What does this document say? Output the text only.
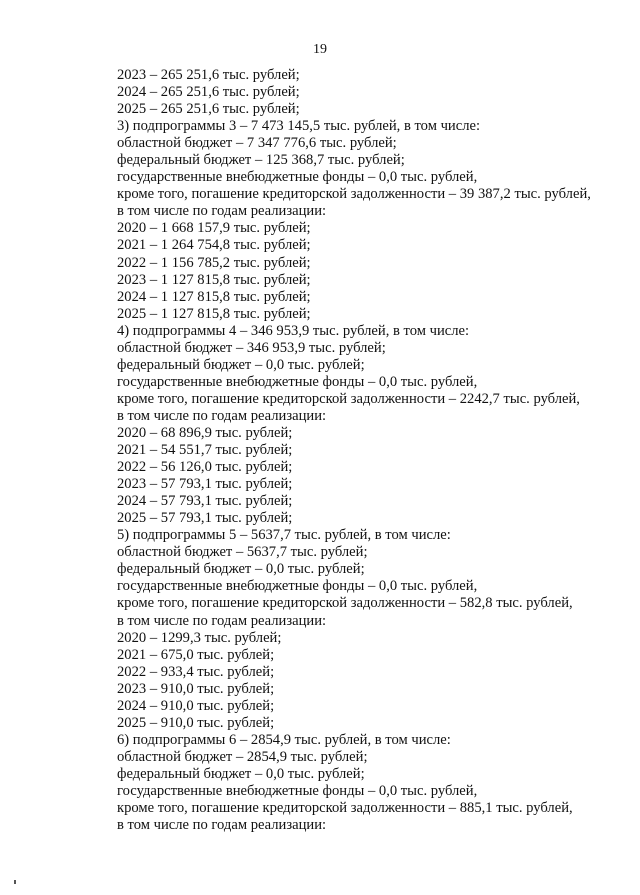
19
2023 – 265 251,6 тыс. рублей;
2024 – 265 251,6 тыс. рублей;
2025 – 265 251,6 тыс. рублей;
3) подпрограммы 3 – 7 473 145,5 тыс. рублей, в том числе:
областной бюджет – 7 347 776,6 тыс. рублей;
федеральный бюджет – 125 368,7 тыс. рублей;
государственные внебюджетные фонды – 0,0 тыс. рублей,
кроме того, погашение кредиторской задолженности – 39 387,2 тыс. рублей,
в том числе по годам реализации:
2020 – 1 668 157,9 тыс. рублей;
2021 – 1 264 754,8 тыс. рублей;
2022 – 1 156 785,2 тыс. рублей;
2023 – 1 127 815,8 тыс. рублей;
2024 – 1 127 815,8 тыс. рублей;
2025 – 1 127 815,8 тыс. рублей;
4) подпрограммы 4 – 346 953,9 тыс. рублей, в том числе:
областной бюджет – 346 953,9 тыс. рублей;
федеральный бюджет – 0,0 тыс. рублей;
государственные внебюджетные фонды – 0,0 тыс. рублей,
кроме того, погашение кредиторской задолженности – 2242,7 тыс. рублей,
в том числе по годам реализации:
2020 – 68 896,9 тыс. рублей;
2021 – 54 551,7 тыс. рублей;
2022 – 56 126,0 тыс. рублей;
2023 – 57 793,1 тыс. рублей;
2024 – 57 793,1 тыс. рублей;
2025 – 57 793,1 тыс. рублей;
5) подпрограммы 5 – 5637,7 тыс. рублей, в том числе:
областной бюджет – 5637,7 тыс. рублей;
федеральный бюджет – 0,0 тыс. рублей;
государственные внебюджетные фонды – 0,0 тыс. рублей,
кроме того, погашение кредиторской задолженности – 582,8 тыс. рублей,
в том числе по годам реализации:
2020 – 1299,3 тыс. рублей;
2021 – 675,0 тыс. рублей;
2022 – 933,4 тыс. рублей;
2023 – 910,0 тыс. рублей;
2024 – 910,0 тыс. рублей;
2025 – 910,0 тыс. рублей;
6) подпрограммы 6 – 2854,9 тыс. рублей, в том числе:
областной бюджет – 2854,9 тыс. рублей;
федеральный бюджет – 0,0 тыс. рублей;
государственные внебюджетные фонды – 0,0 тыс. рублей,
кроме того, погашение кредиторской задолженности – 885,1 тыс. рублей,
в том числе по годам реализации:
